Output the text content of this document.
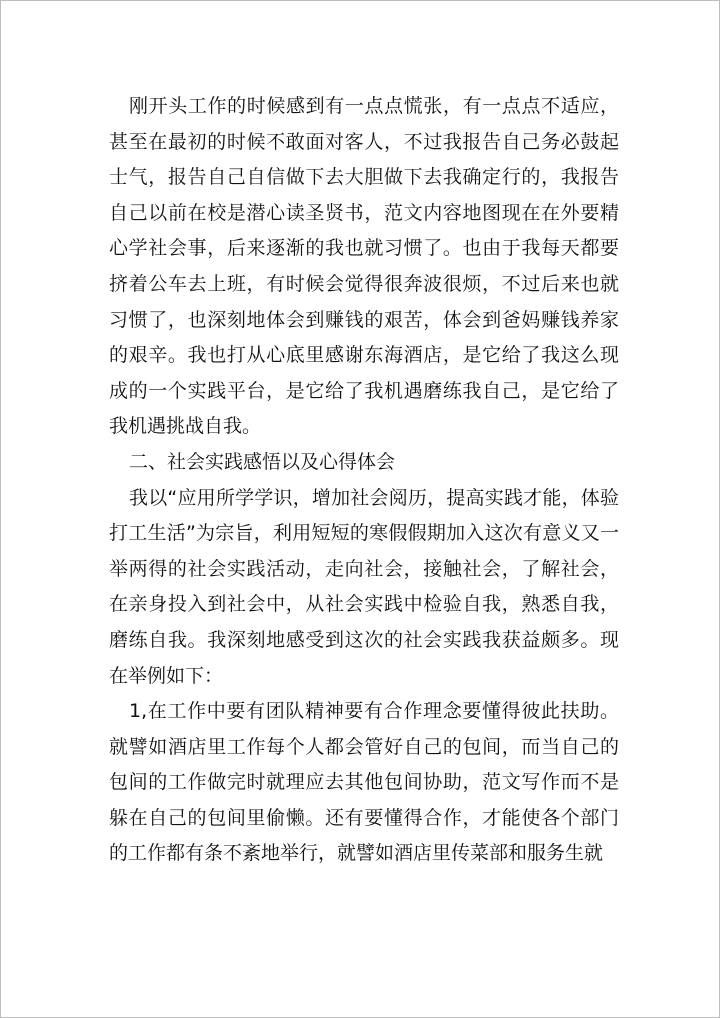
刚开头工作的时候感到有一点点慌张，有一点点不适应，甚至在最初的时候不敢面对客人，不过我报告自己务必鼓起士气，报告自己自信做下去大胆做下去我确定行的，我报告自己以前在校是潜心读圣贤书，范文内容地图现在在外要精心学社会事，后来逐渐的我也就习惯了。也由于我每天都要挤着公车去上班，有时候会觉得很奔波很烦，不过后来也就习惯了，也深刻地体会到赚钱的艰苦，体会到爸妈赚钱养家的艰辛。我也打从心底里感谢东海酒店，是它给了我这么现成的一个实践平台，是它给了我机遇磨练我自己，是它给了我机遇挑战自我。

二、社会实践感悟以及心得体会

我以“应用所学学识，增加社会阅历，提高实践才能，体验打工生活”为宗旨，利用短短的寒假假期加入这次有意义又一举两得的社会实践活动，走向社会，接触社会，了解社会，在亲身投入到社会中，从社会实践中检验自我，熟悉自我，磨练自我。我深刻地感受到这次的社会实践我获益颇多。现在举例如下：

1,在工作中要有团队精神要有合作理念要懂得彼此扶助。就譬如酒店里工作每个人都会管好自己的包间，而当自己的包间的工作做完时就理应去其他包间协助，范文写作而不是躲在自己的包间里偷懒。还有要懂得合作，才能使各个部门的工作都有条不紊地举行，就譬如酒店里传菜部和服务生就
